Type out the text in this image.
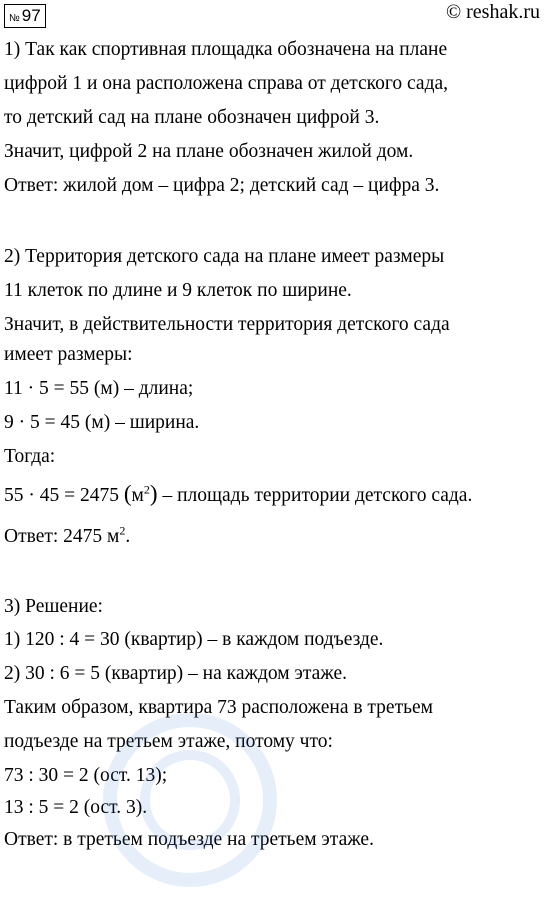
№ 97	© reshak.ru
1) Так как спортивная площадка обозначена на плане
цифрой 1 и она расположена справа от детского сада,
то детский сад на плане обозначен цифрой 3.
Значит, цифрой 2 на плане обозначен жилой дом.
Ответ: жилой дом – цифра 2; детский сад – цифра 3.
2) Территория детского сада на плане имеет размеры
11 клеток по длине и 9 клеток по ширине.
Значит, в действительности территория детского сада
имеет размеры:
11 · 5 = 55 (м) – длина;
9 · 5 = 45 (м) – ширина.
Тогда:
55 · 45 = 2475 $(м^2)$ – площадь территории детского сада.
Ответ: 2475 $м^2$.
3) Решение:
1) 120 : 4 = 30 (квартир) – в каждом подъезде.
2) 30 : 6 = 5 (квартир) – на каждом этаже.
Таким образом, квартира 73 расположена в третьем
подъезде на третьем этаже, потому что:
73 : 30 = 2 (ост. 13);
13 : 5 = 2 (ост. 3).
Ответ: в третьем подъезде на третьем этаже.
